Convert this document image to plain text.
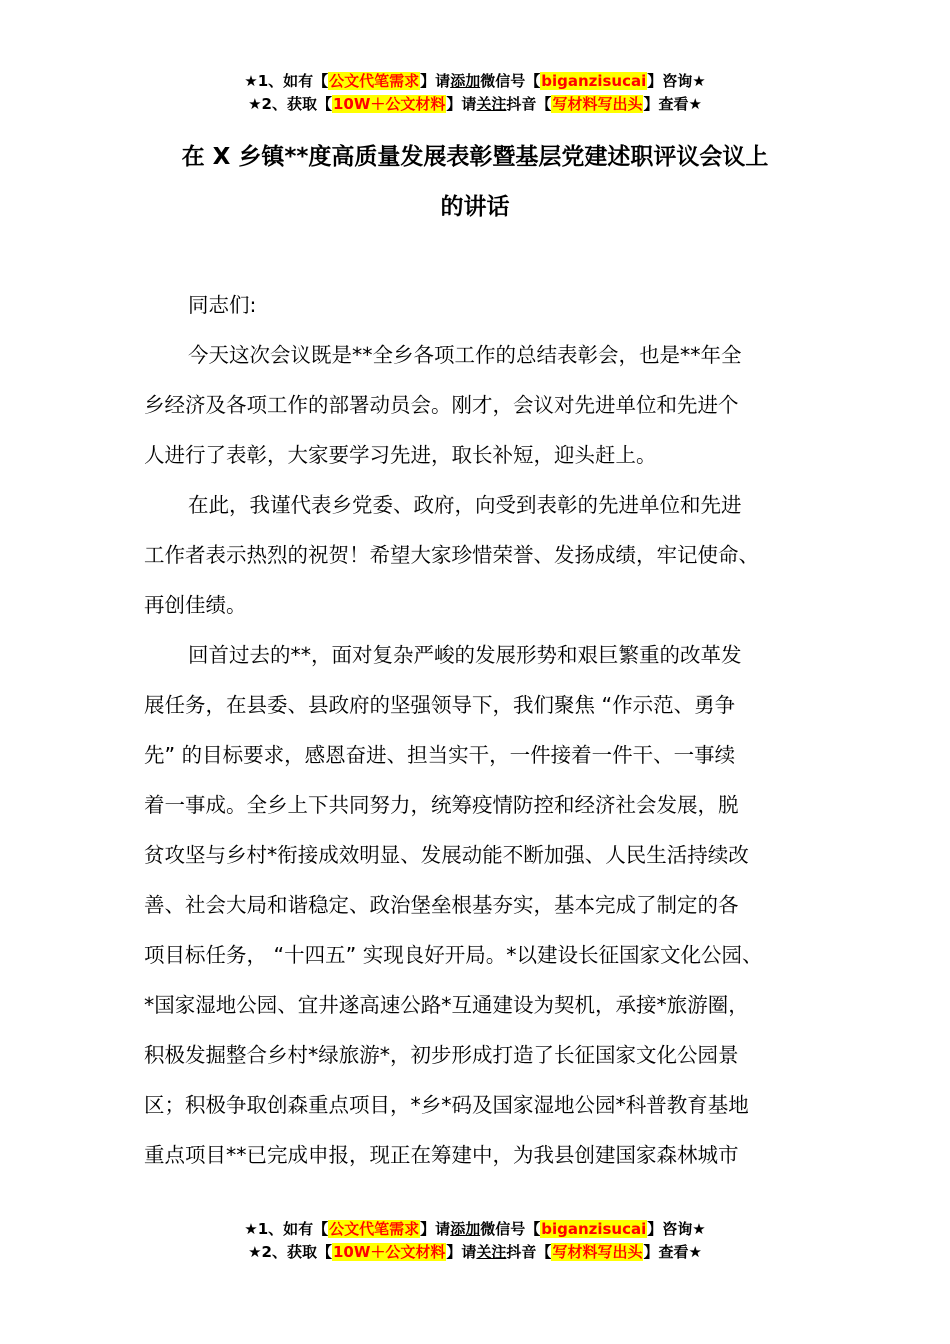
★1、如有【公文代笔需求】请添加微信号【biganzisucai】咨询★
★2、获取【10W＋公文材料】请关注抖音【写材料写出头】查看★
在 X 乡镇**度高质量发展表彰暨基层党建述职评议会议上
的讲话
同志们:
今天这次会议既是**全乡各项工作的总结表彰会，也是**年全
乡经济及各项工作的部署动员会。刚才，会议对先进单位和先进个
人进行了表彰，大家要学习先进，取长补短，迎头赶上。
在此，我谨代表乡党委、政府，向受到表彰的先进单位和先进
工作者表示热烈的祝贺！希望大家珍惜荣誉、发扬成绩，牢记使命、
再创佳绩。
回首过去的**，面对复杂严峻的发展形势和艰巨繁重的改革发
展任务，在县委、县政府的坚强领导下，我们聚焦 “作示范、勇争
先” 的目标要求，感恩奋进、担当实干，一件接着一件干、一事续
着一事成。全乡上下共同努力，统筹疫情防控和经济社会发展，脱
贫攻坚与乡村*衔接成效明显、发展动能不断加强、人民生活持续改
善、社会大局和谐稳定、政治堡垒根基夯实，基本完成了制定的各
项目标任务， “十四五” 实现良好开局。*以建设长征国家文化公园、
*国家湿地公园、宜井遂高速公路*互通建设为契机，承接*旅游圈，
积极发掘整合乡村*绿旅游*，初步形成打造了长征国家文化公园景
区；积极争取创森重点项目，*乡*码及国家湿地公园*科普教育基地
重点项目**已完成申报，现正在筹建中，为我县创建国家森林城市
★1、如有【公文代笔需求】请添加微信号【biganzisucai】咨询★
★2、获取【10W＋公文材料】请关注抖音【写材料写出头】查看★
